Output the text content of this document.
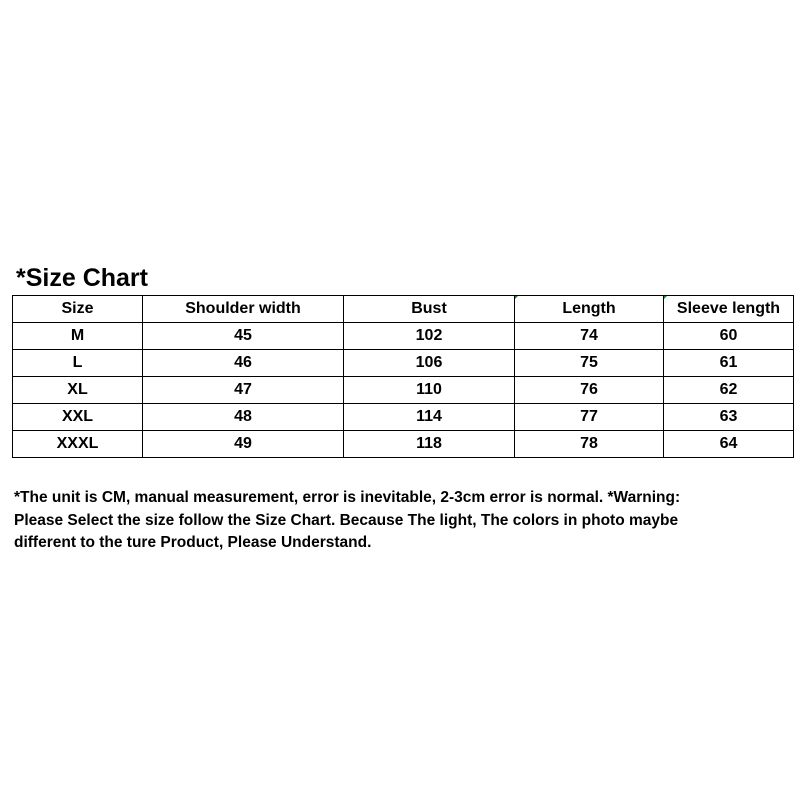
*Size Chart
Size	Shoulder width	Bust	Length	Sleeve length
M	45	102	74	60
L	46	106	75	61
XL	47	110	76	62
XXL	48	114	77	63
XXXL	49	118	78	64

*The unit is CM, manual measurement, error is inevitable, 2-3cm error is normal. *Warning:

Please Select the size follow the Size Chart. Because The light, The colors in photo maybe

different to the ture Product, Please Understand.
